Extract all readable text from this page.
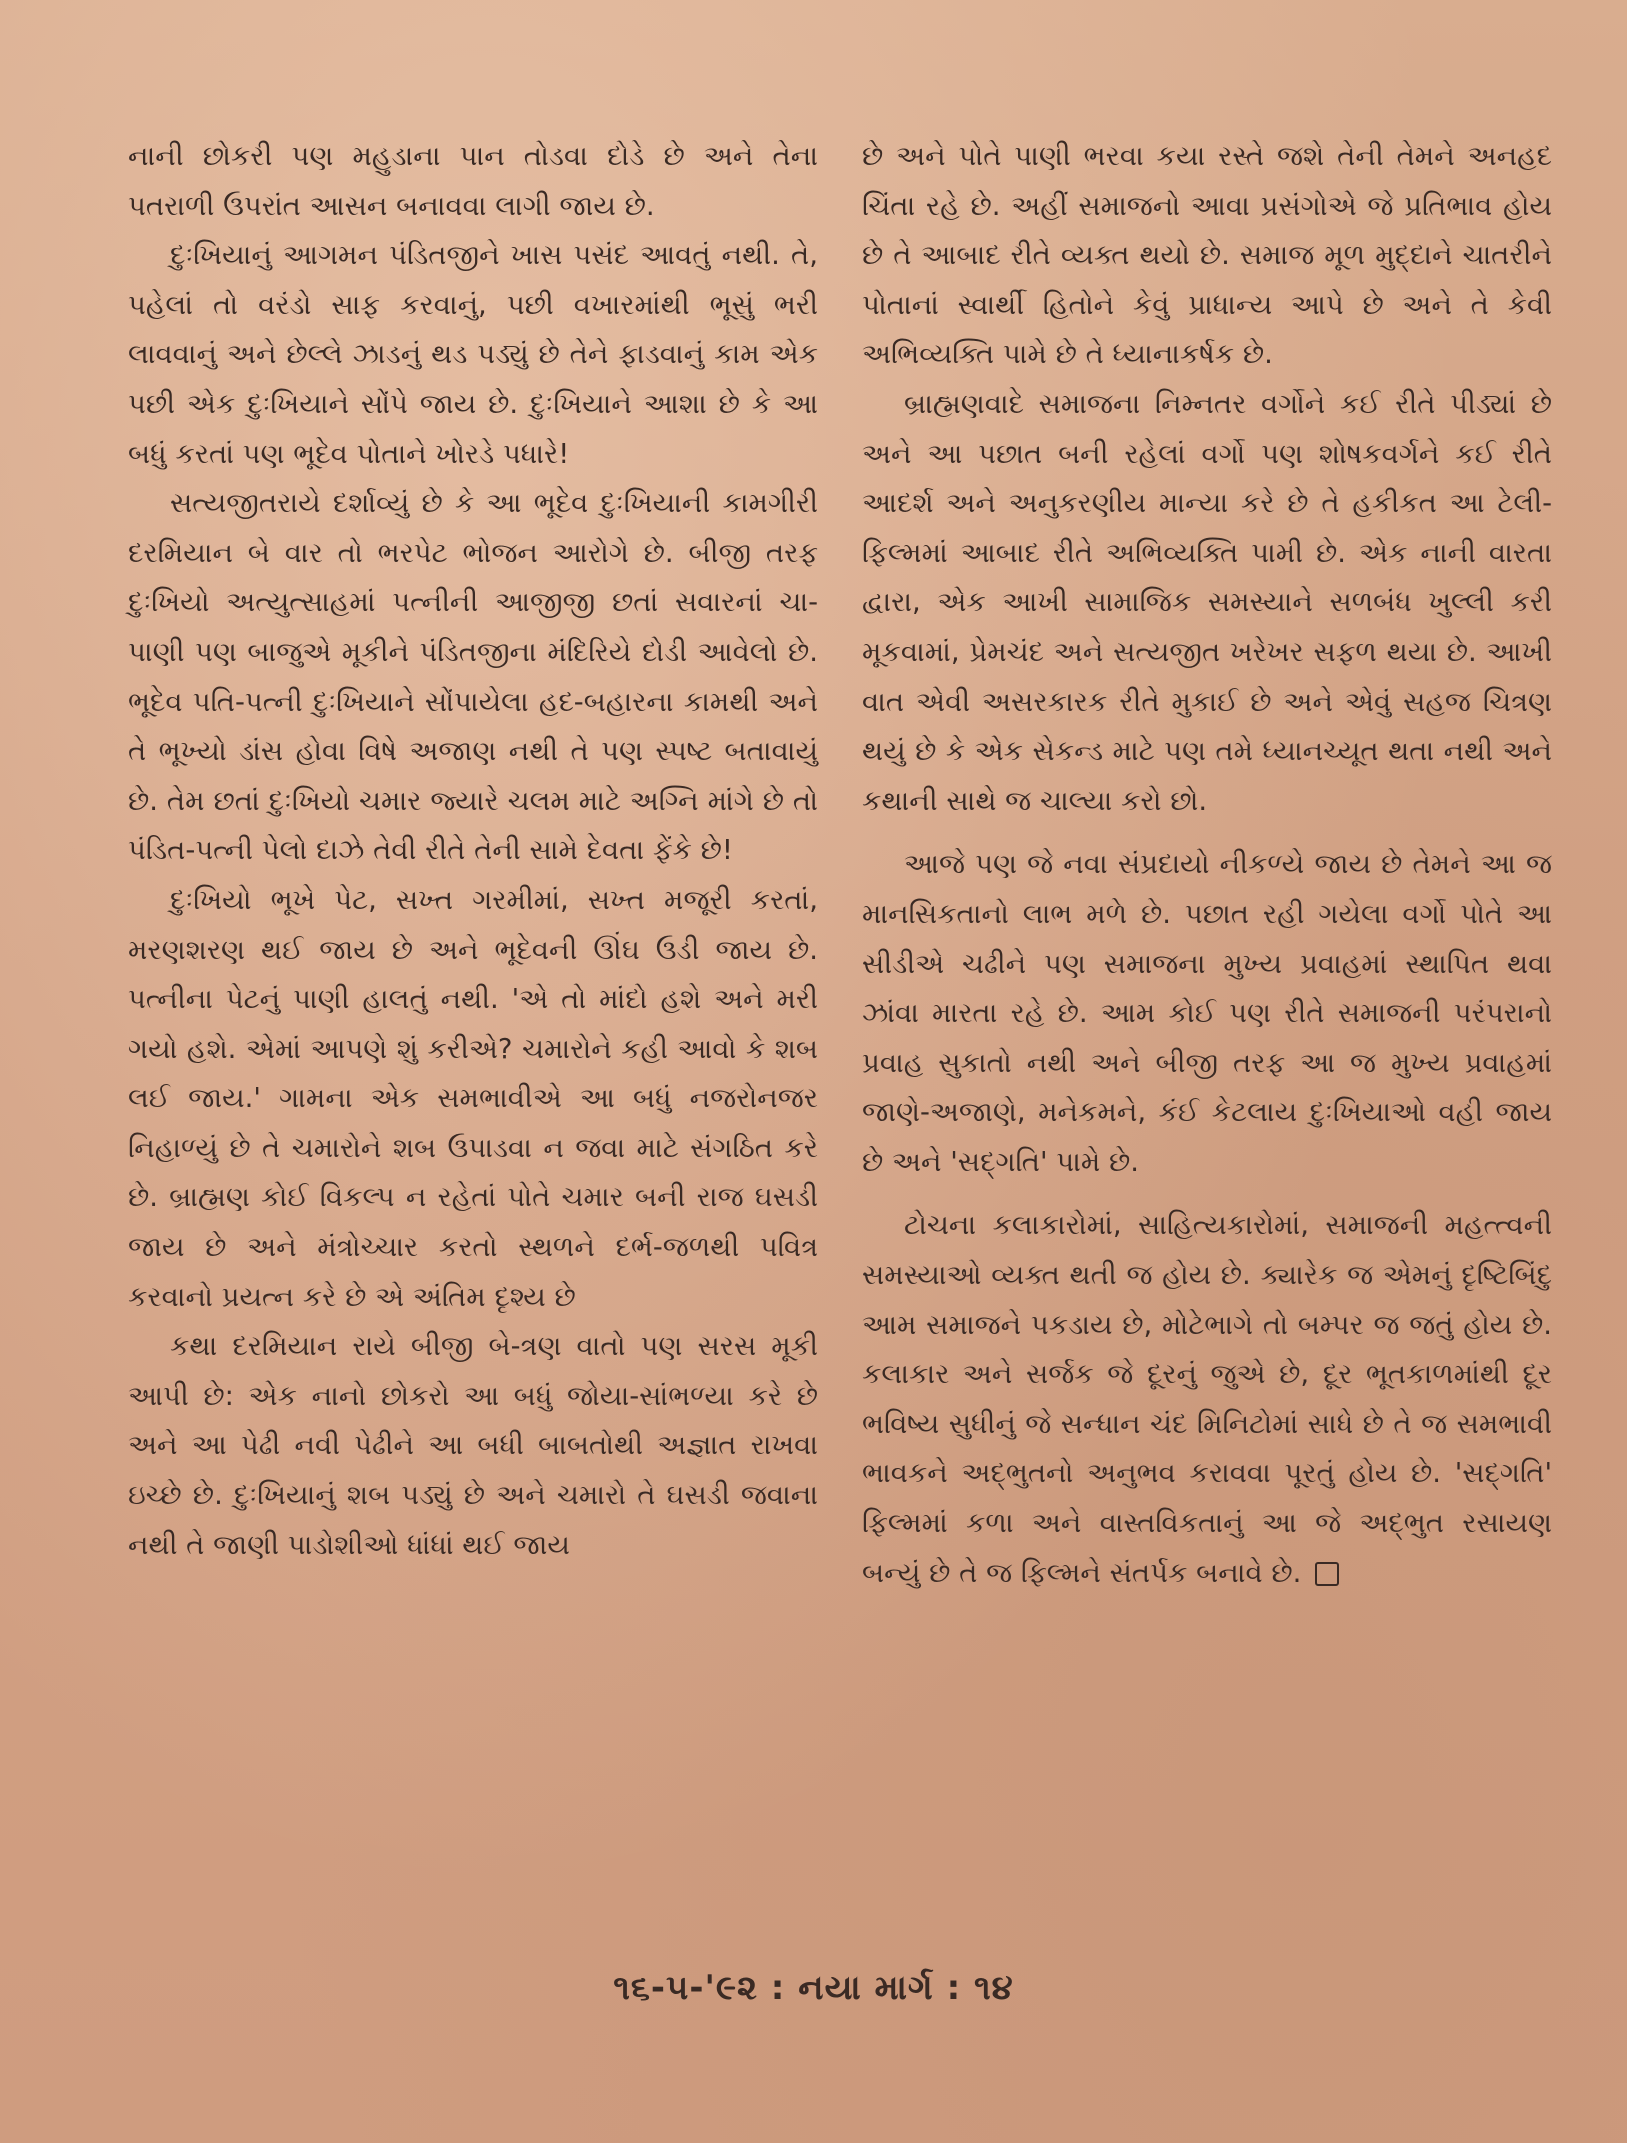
નાની છોકરી પણ મહુડાના પાન તોડવા દોડે છે અને તેના પતરાળી ઉપરાંત આસન બનાવવા લાગી જાય છે.

દુઃખિયાનું આગમન પંડિતજીને ખાસ પસંદ આવતું નથી. તે, પહેલાં તો વરંડો સાફ કરવાનું, પછી વખારમાંથી ભૂસું ભરી લાવવાનું અને છેલ્લે ઝાડનું થડ પડ્યું છે તેને ફાડવાનું કામ એક પછી એક દુઃખિયાને સોંપે જાય છે. દુઃખિયાને આશા છે કે આ બધું કરતાં પણ ભૂદેવ પોતાને ખોરડે પધારે!

સત્યજીતરાયે દર્શાવ્યું છે કે આ ભૂદેવ દુઃખિયાની કામગીરી દરમિયાન બે વાર તો ભરપેટ ભોજન આરોગે છે. બીજી તરફ દુઃખિયો અત્યુત્સાહમાં પત્નીની આજીજી છતાં સવારનાં ચા-પાણી પણ બાજુએ મૂકીને પંડિતજીના મંદિરિયે દોડી આવેલો છે. ભૂદેવ પતિ-પત્ની દુઃખિયાને સોંપાયેલા હદ-બહારના કામથી અને તે ભૂખ્યો ડાંસ હોવા વિષે અજાણ નથી તે પણ સ્પષ્ટ બતાવાયું છે. તેમ છતાં દુઃખિયો ચમાર જ્યારે ચલમ માટે અગ્નિ માંગે છે તો પંડિત-પત્ની પેલો દાઝે તેવી રીતે તેની સામે દેવતા ફેંકે છે!

દુઃખિયો ભૂખે પેટ, સખ્ત ગરમીમાં, સખ્ત મજૂરી કરતાં, મરણશરણ થઈ જાય છે અને ભૂદેવની ઊંઘ ઉડી જાય છે. પત્નીના પેટનું પાણી હાલતું નથી. 'એ તો માંદો હશે અને મરી ગયો હશે. એમાં આપણે શું કરીએ? ચમારોને કહી આવો કે શબ લઈ જાય.' ગામના એક સમભાવીએ આ બધું નજરોનજર નિહાળ્યું છે તે ચમારોને શબ ઉપાડવા ન જવા માટે સંગઠિત કરે છે. બ્રાહ્મણ કોઈ વિકલ્પ ન રહેતાં પોતે ચમાર બની રાજ ઘસડી જાય છે અને મંત્રોચ્ચાર કરતો સ્થળને દર્ભ-જળથી પવિત્ર કરવાનો પ્રયત્ન કરે છે એ અંતિમ દૃશ્ય છે

કથા દરમિયાન રાયે બીજી બે-ત્રણ વાતો પણ સરસ મૂકી આપી છે: એક નાનો છોકરો આ બધું જોયા-સાંભળ્યા કરે છે અને આ પેઢી નવી પેઢીને આ બધી બાબતોથી અજ્ઞાત રાખવા ઇચ્છે છે. દુઃખિયાનું શબ પડ્યું છે અને ચમારો તે ઘસડી જવાના નથી તે જાણી પાડોશીઓ ધાંધાં થઈ જાય

છે અને પોતે પાણી ભરવા કયા રસ્તે જશે તેની તેમને અનહદ ચિંતા રહે છે. અહીં સમાજનો આવા પ્રસંગોએ જે પ્રતિભાવ હોય છે તે આબાદ રીતે વ્યક્ત થયો છે. સમાજ મૂળ મુદ્દાને ચાતરીને પોતાનાં સ્વાર્થી હિતોને કેવું પ્રાધાન્ય આપે છે અને તે કેવી અભિવ્યક્તિ પામે છે તે ધ્યાનાકર્ષક છે.

બ્રાહ્મણવાદે સમાજના નિમ્નતર વર્ગોને કઈ રીતે પીડ્યાં છે અને આ પછાત બની રહેલાં વર્ગો પણ શોષકવર્ગને કઈ રીતે આદર્શ અને અનુકરણીય માન્યા કરે છે તે હકીકત આ ટેલી-ફિલ્મમાં આબાદ રીતે અભિવ્યક્તિ પામી છે. એક નાની વારતા દ્વારા, એક આખી સામાજિક સમસ્યાને સળબંધ ખુલ્લી કરી મૂકવામાં, પ્રેમચંદ અને સત્યજીત ખરેખર સફળ થયા છે. આખી વાત એવી અસરકારક રીતે મુકાઈ છે અને એવું સહજ ચિત્રણ થયું છે કે એક સેકન્ડ માટે પણ તમે ધ્યાનચ્યૂત થતા નથી અને કથાની સાથે જ ચાલ્યા કરો છો.

આજે પણ જે નવા સંપ્રદાયો નીકળ્યે જાય છે તેમને આ જ માનસિકતાનો લાભ મળે છે. પછાત રહી ગયેલા વર્ગો પોતે આ સીડીએ ચઢીને પણ સમાજના મુખ્ય પ્રવાહમાં સ્થાપિત થવા ઝાંવા મારતા રહે છે. આમ કોઈ પણ રીતે સમાજની પરંપરાનો પ્રવાહ સુકાતો નથી અને બીજી તરફ આ જ મુખ્ય પ્રવાહમાં જાણે-અજાણે, મનેકમને, કંઈ કેટલાય દુઃખિયાઓ વહી જાય છે અને 'સદ્ગતિ' પામે છે.

ટોચના કલાકારોમાં, સાહિત્યકારોમાં, સમાજની મહત્ત્વની સમસ્યાઓ વ્યક્ત થતી જ હોય છે. ક્યારેક જ એમનું દૃષ્ટિબિંદુ આમ સમાજને પકડાય છે, મોટેભાગે તો બમ્પર જ જતું હોય છે. કલાકાર અને સર્જક જે દૂરનું જુએ છે, દૂર ભૂતકાળમાંથી દૂર ભવિષ્ય સુધીનું જે સન્ધાન ચંદ મિનિટોમાં સાધે છે તે જ સમભાવી ભાવકને અદ્ભુતનો અનુભવ કરાવવા પૂરતું હોય છે. 'સદ્ગતિ' ફિલ્મમાં કળા અને વાસ્તવિકતાનું આ જે અદ્ભુત રસાયણ બન્યું છે તે જ ફિલ્મને સંતર્પક બનાવે છે.

૧૬-૫-'૯૨ : નયા માર્ગ : ૧૪
